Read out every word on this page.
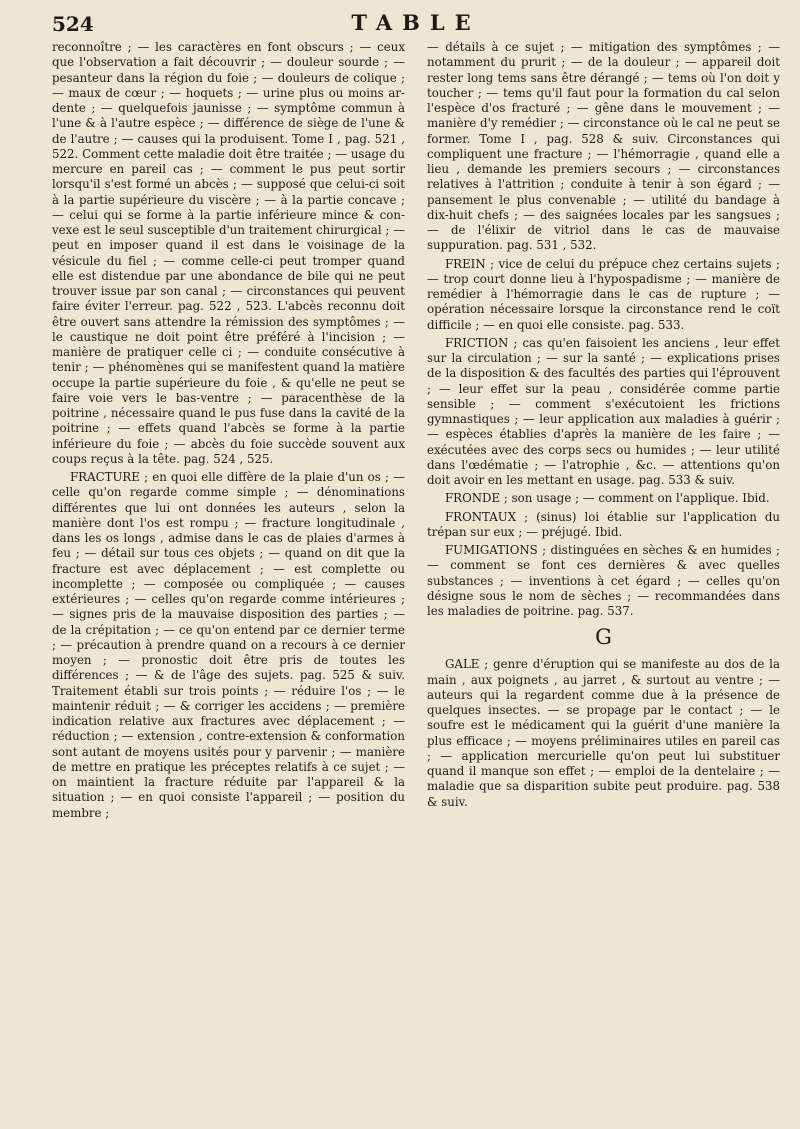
524	TABLE

reconnoître ; — les caractères en font obscurs ; — ceux que l'observation a fait découvrir ; — douleur sourde ; — pesanteur dans la région du foie ; — douleurs de colique ; — maux de cœur ; — hoquets ; — urine plus ou moins ardente ; — quelquefois jaunisse ; — symptôme commun à l'une & à l'autre espèce ; — différence de siège de l'une & de l'autre ; — causes qui la produisent. Tome I , pag. 521 , 522. Comment cette maladie doit être traitée ; — usage du mercure en pareil cas ; — comment le pus peut sortir lorsqu'il s'est formé un abcès ; — supposé que celui-ci soit à la partie supérieure du viscère ; — à la partie concave ; — celui qui se forme à la partie inférieure mince & convexe est le seul susceptible d'un traitement chirurgical ; — peut en imposer quand il est dans le voisinage de la vésicule du fiel ; — comme celle-ci peut tromper quand elle est distendue par une abondance de bile qui ne peut trouver issue par son canal ; — circonstances qui peuvent faire éviter l'erreur. pag. 522 , 523. L'abcès reconnu doit être ouvert sans attendre la rémission des symptômes ; — le caustique ne doit point être préféré à l'incision ; — manière de pratiquer celle ci ; — conduite consécutive à tenir ; — phénomènes qui se manifestent quand la matière occupe la partie supérieure du foie , & qu'elle ne peut se faire voie vers le bas-ventre ; — paracenthèse de la poitrine , nécessaire quand le pus fuse dans la cavité de la poitrine ; — effets quand l'abcès se forme à la partie inférieure du foie ; — abcès du foie succède souvent aux coups reçus à la tête. pag. 524 , 525.

FRACTURE ; en quoi elle diffère de la plaie d'un os ; — celle qu'on regarde comme simple ; — dénominations différentes que lui ont données les auteurs , selon la manière dont l'os est rompu ; — fracture longitudinale , dans les os longs , admise dans le cas de plaies d'armes à feu ; — détail sur tous ces objets ; — quand on dit que la fracture est avec déplacement ; — est complette ou incomplette ; — composée ou compliquée ; — causes extérieures ; — celles qu'on regarde comme intérieures ; — signes pris de la mauvaise disposition des parties ; — de la crépitation ; — ce qu'on entend par ce dernier terme ; — précaution à prendre quand on a recours à ce dernier moyen ; — pronostic doit être pris de toutes les différences ; — & de l'âge des sujets. pag. 525 & suiv. Traitement établi sur trois points ; — réduire l'os ; — le maintenir réduit ; — & corriger les accidens ; — première indication relative aux fractures avec déplacement ; — réduction ; — extension , contre-extension & conformation sont autant de moyens usités pour y parvenir ; — manière de mettre en pratique les préceptes relatifs à ce sujet ; — on maintient la fracture réduite par l'appareil & la situation ; — en quoi consiste l'appareil ; — position du membre ;

— détails à ce sujet ; — mitigation des symptômes ; — notamment du prurit ; — de la douleur ; — appareil doit rester long tems sans être dérangé ; — tems où l'on doit y toucher ; — tems qu'il faut pour la formation du cal selon l'espèce d'os fracturé ; — gêne dans le mouvement ; — manière d'y remédier ; — circonstance où le cal ne peut se former. Tome I , pag. 528 & suiv. Circonstances qui compliquent une fracture ; — l'hémorragie , quand elle a lieu , demande les premiers secours ; — circonstances relatives à l'attrition ; conduite à tenir à son égard ; — pansement le plus convenable ; — utilité du bandage à dix-huit chefs ; — des saignées locales par les sangsues ; — de l'élixir de vitriol dans le cas de mauvaise suppuration. pag. 531 , 532.

FREIN ; vice de celui du prépuce chez certains sujets ; — trop court donne lieu à l'hypospadisme ; — manière de remédier à l'hémorragie dans le cas de rupture ; — opération nécessaire lorsque la circonstance rend le coït difficile ; — en quoi elle consiste. pag. 533.

FRICTION ; cas qu'en faisoient les anciens , leur effet sur la circulation ; — sur la santé ; — explications prises de la disposition & des facultés des parties qui l'éprouvent ; — leur effet sur la peau , considérée comme partie sensible ; — comment s'exécutoient les frictions gymnastiques ; — leur application aux maladies à guérir ; — espèces établies d'après la manière de les faire ; — exécutées avec des corps secs ou humides ; — leur utilité dans l'œdématie ; — l'atrophie , &c. — attentions qu'on doit avoir en les mettant en usage. pag. 533 & suiv.

FRONDE ; son usage ; — comment on l'applique. Ibid.

FRONTAUX ; (sinus) loi établie sur l'application du trépan sur eux ; — préjugé. Ibid.

FUMIGATIONS ; distinguées en sèches & en humides ; — comment se font ces dernières & avec quelles substances ; — inventions à cet égard ; — celles qu'on désigne sous le nom de sèches ; — recommandées dans les maladies de poitrine. pag. 537.

G

GALE ; genre d'éruption qui se manifeste au dos de la main , aux poignets , au jarret , & surtout au ventre ; — auteurs qui la regardent comme due à la présence de quelques insectes. — se propage par le contact ; — le soufre est le médicament qui la guérit d'une manière la plus efficace ; — moyens préliminaires utiles en pareil cas ; — application mercurielle qu'on peut lui substituer quand il manque son effet ; — emploi de la dentelaire ; — maladie que sa disparition subite peut produire. pag. 538 & suiv.
